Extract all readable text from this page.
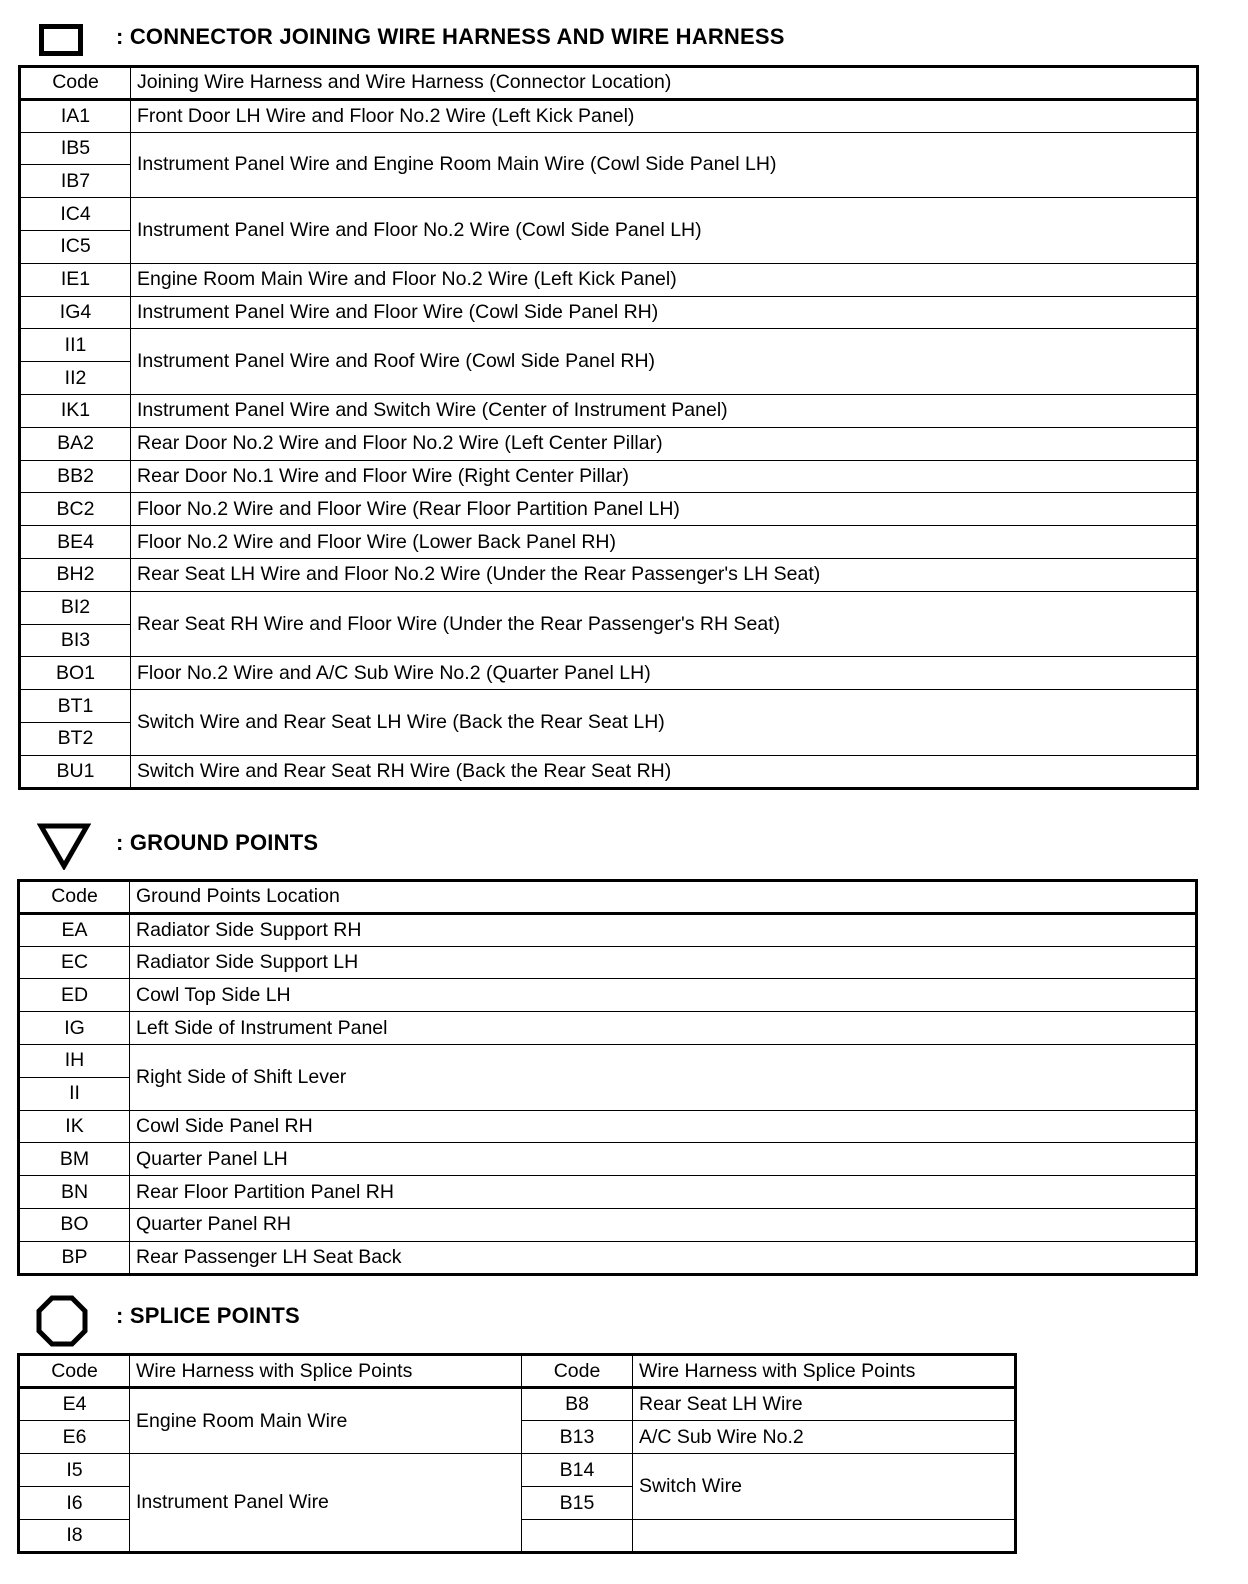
: CONNECTOR JOINING WIRE HARNESS AND WIRE HARNESS
Code	Joining Wire Harness and Wire Harness (Connector Location)
IA1	Front Door LH Wire and Floor No.2 Wire (Left Kick Panel)
IB5	Instrument Panel Wire and Engine Room Main Wire (Cowl Side Panel LH)
IB7	
IC4	Instrument Panel Wire and Floor No.2 Wire (Cowl Side Panel LH)
IC5	
IE1	Engine Room Main Wire and Floor No.2 Wire (Left Kick Panel)
IG4	Instrument Panel Wire and Floor Wire (Cowl Side Panel RH)
II1	Instrument Panel Wire and Roof Wire (Cowl Side Panel RH)
II2	
IK1	Instrument Panel Wire and Switch Wire (Center of Instrument Panel)
BA2	Rear Door No.2 Wire and Floor No.2 Wire (Left Center Pillar)
BB2	Rear Door No.1 Wire and Floor Wire (Right Center Pillar)
BC2	Floor No.2 Wire and Floor Wire (Rear Floor Partition Panel LH)
BE4	Floor No.2 Wire and Floor Wire (Lower Back Panel RH)
BH2	Rear Seat LH Wire and Floor No.2 Wire (Under the Rear Passenger's LH Seat)
BI2	Rear Seat RH Wire and Floor Wire (Under the Rear Passenger's RH Seat)
BI3	
BO1	Floor No.2 Wire and A/C Sub Wire No.2 (Quarter Panel LH)
BT1	Switch Wire and Rear Seat LH Wire (Back the Rear Seat LH)
BT2	
BU1	Switch Wire and Rear Seat RH Wire (Back the Rear Seat RH)
: GROUND POINTS
Code	Ground Points Location
EA	Radiator Side Support RH
EC	Radiator Side Support LH
ED	Cowl Top Side LH
IG	Left Side of Instrument Panel
IH	Right Side of Shift Lever
II	
IK	Cowl Side Panel RH
BM	Quarter Panel LH
BN	Rear Floor Partition Panel RH
BO	Quarter Panel RH
BP	Rear Passenger LH Seat Back
: SPLICE POINTS
Code	Wire Harness with Splice Points	Code	Wire Harness with Splice Points
E4	Engine Room Main Wire	B8	Rear Seat LH Wire
E6		B13	A/C Sub Wire No.2
I5	Instrument Panel Wire	B14	Switch Wire
I6		B15	
I8			
